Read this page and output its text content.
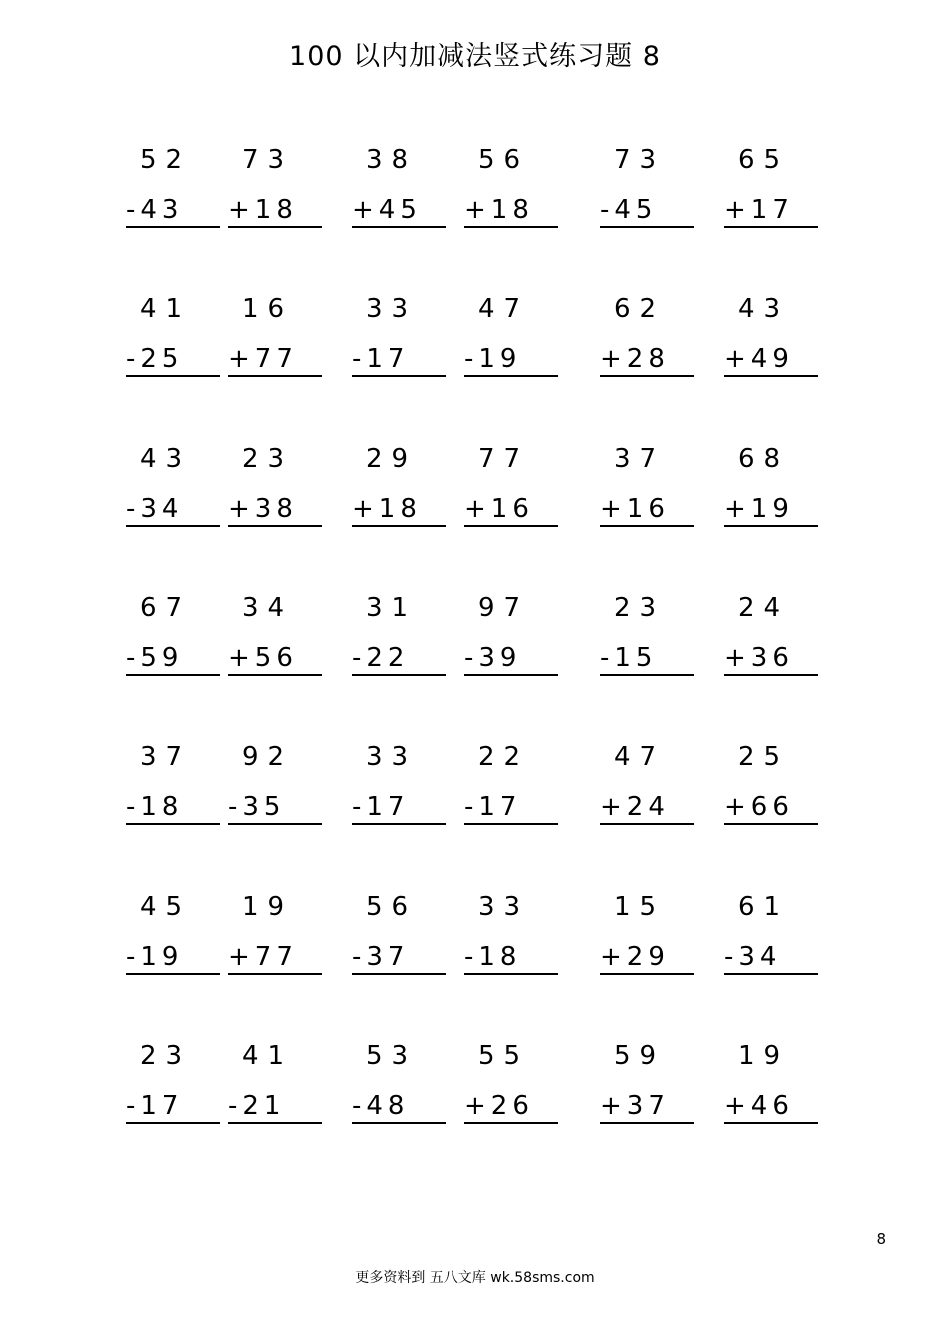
100 以内加减法竖式练习题 8
52
-43
73
+18
38
+45
56
+18
73
-45
65
+17
41
-25
16
+77
33
-17
47
-19
62
+28
43
+49
43
-34
23
+38
29
+18
77
+16
37
+16
68
+19
67
-59
34
+56
31
-22
97
-39
23
-15
24
+36
37
-18
92
-35
33
-17
22
-17
47
+24
25
+66
45
-19
19
+77
56
-37
33
-18
15
+29
61
-34
23
-17
41
-21
53
-48
55
+26
59
+37
19
+46
8
更多资料到 五八文库 wk.58sms.com
